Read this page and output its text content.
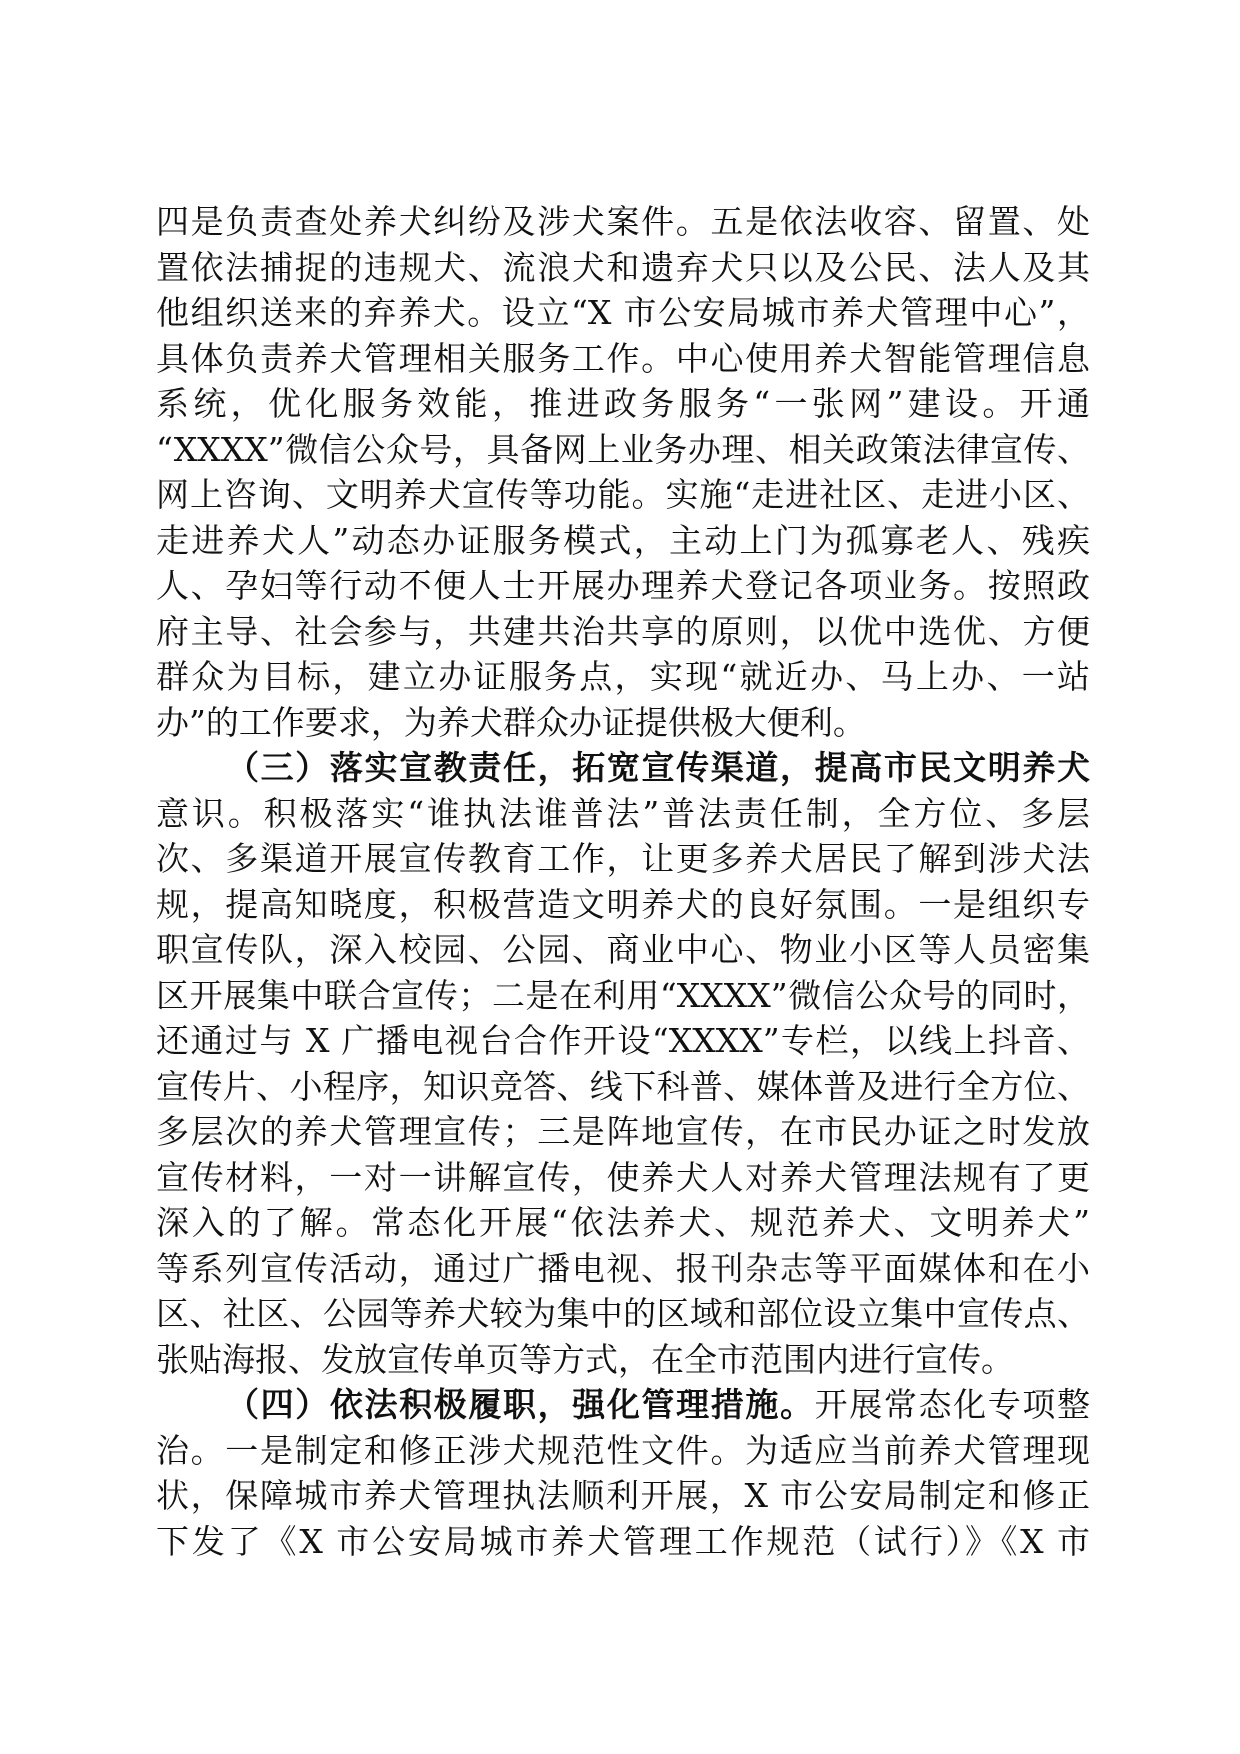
四是负责查处养犬纠纷及涉犬案件。五是依法收容、留置、处
置依法捕捉的违规犬、流浪犬和遗弃犬只以及公民、法人及其
他组织送来的弃养犬。设立“X 市公安局城市养犬管理中心”，
具体负责养犬管理相关服务工作。中心使用养犬智能管理信息
系统，优化服务效能，推进政务服务“一张网”建设。开通
“XXXX”微信公众号，具备网上业务办理、相关政策法律宣传、
网上咨询、文明养犬宣传等功能。实施“走进社区、走进小区、
走进养犬人”动态办证服务模式，主动上门为孤寡老人、残疾
人、孕妇等行动不便人士开展办理养犬登记各项业务。按照政
府主导、社会参与，共建共治共享的原则，以优中选优、方便
群众为目标，建立办证服务点，实现“就近办、马上办、一站
办”的工作要求，为养犬群众办证提供极大便利。
（三）落实宣教责任，拓宽宣传渠道，提高市民文明养犬
意识。积极落实“谁执法谁普法”普法责任制，全方位、多层
次、多渠道开展宣传教育工作，让更多养犬居民了解到涉犬法
规，提高知晓度，积极营造文明养犬的良好氛围。一是组织专
职宣传队，深入校园、公园、商业中心、物业小区等人员密集
区开展集中联合宣传；二是在利用“XXXX”微信公众号的同时，
还通过与 X 广播电视台合作开设“XXXX”专栏，以线上抖音、
宣传片、小程序，知识竞答、线下科普、媒体普及进行全方位、
多层次的养犬管理宣传；三是阵地宣传，在市民办证之时发放
宣传材料，一对一讲解宣传，使养犬人对养犬管理法规有了更
深入的了解。常态化开展“依法养犬、规范养犬、文明养犬”
等系列宣传活动，通过广播电视、报刊杂志等平面媒体和在小
区、社区、公园等养犬较为集中的区域和部位设立集中宣传点、
张贴海报、发放宣传单页等方式，在全市范围内进行宣传。
（四）依法积极履职，强化管理措施。开展常态化专项整
治。一是制定和修正涉犬规范性文件。为适应当前养犬管理现
状，保障城市养犬管理执法顺利开展，X 市公安局制定和修正
下发了《X 市公安局城市养犬管理工作规范（试行）》《X 市
